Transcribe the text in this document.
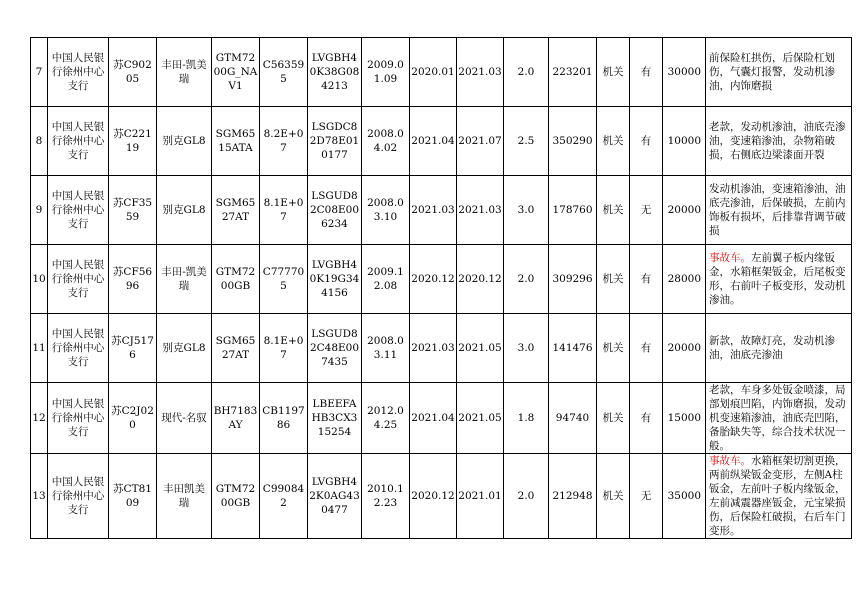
7	中国人民银行徐州中心支行	苏C90205	丰田-凯美瑞	GTM7200G_NAV1	C563595	LVGBH40K38G084213	2009.01.09	2020.01	2021.03	2.0	223201	机关	有	30000	前保险杠拱伤，后保险杠划伤，气囊灯报警，发动机渗油，内饰磨损
8	中国人民银行徐州中心支行	苏C22119	别克GL8	SGM6515ATA	8.2E+07	LSGDC82D78E010177	2008.04.02	2021.04	2021.07	2.5	350290	机关	有	10000	老款，发动机渗油，油底壳渗油，变速箱渗油，杂物箱破损，右侧底边梁漆面开裂
9	中国人民银行徐州中心支行	苏CF3559	别克GL8	SGM6527AT	8.1E+07	LSGUD82C08E006234	2008.03.10	2021.03	2021.03	3.0	178760	机关	无	20000	发动机渗油，变速箱渗油，油底壳渗油，后保破损，左前内饰板有损坏，后排靠背调节破损
10	中国人民银行徐州中心支行	苏CF5696	丰田-凯美瑞	GTM7200GB	C777705	LVGBH40K19G344156	2009.12.08	2020.12	2020.12	2.0	309296	机关	有	28000	事故车。左前翼子板内缘钣金，水箱框架钣金，后尾板变形，右前叶子板变形，发动机渗油。
11	中国人民银行徐州中心支行	苏CJ5176	别克GL8	SGM6527AT	8.1E+07	LSGUD82C48E007435	2008.03.11	2021.03	2021.05	3.0	141476	机关	有	20000	新款，故障灯亮，发动机渗油，油底壳渗油
12	中国人民银行徐州中心支行	苏C2J020	现代-名驭	BH7183AY	CB119786	LBEEFAHB3CX315254	2012.04.25	2021.04	2021.05	1.8	94740	机关	有	15000	老款，车身多处钣金喷漆，局部划痕凹陷，内饰磨损，发动机变速箱渗油，油底壳凹陷，备胎缺失等，综合技术状况一般。
13	中国人民银行徐州中心支行	苏CT8109	丰田凯美瑞	GTM7200GB	C990842	LVGBH42K0AG430477	2010.12.23	2020.12	2021.01	2.0	212948	机关	无	35000	事故车。水箱框架切割更换，两前纵梁钣金变形，左侧A柱钣金，左前叶子板内缘钣金，左前减震器座钣金，元宝梁损伤，后保险杠破损，右后车门变形。
